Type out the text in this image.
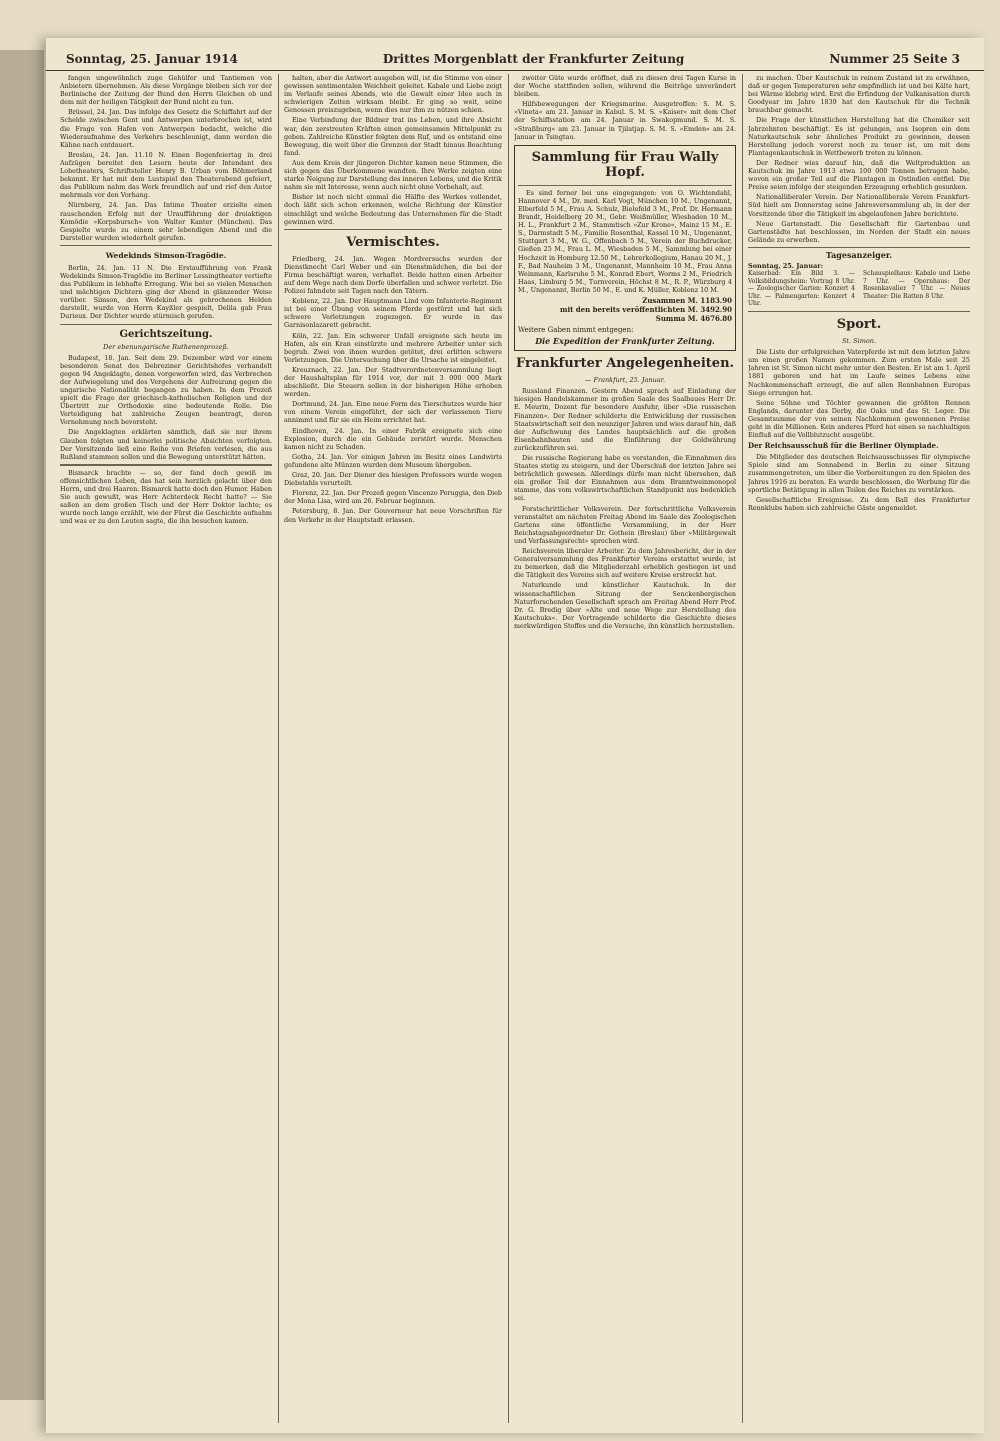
Sonntag, 25. Januar 1914	Drittes Morgenblatt der Frankfurter Zeitung	Nummer 25 Seite 3

fangen ungewöhnlich zuge Gehülfer und Tantiemen von Anbietern übernehmen. Als diese Vorgänge bleiben sich vor der Berlinische der Zeitung der Bund den Herrn Gleichen ob und dem mit der heiligen Tätigkeit der Bund nicht zu tun.

Brüssel, 24. Jan. Das infolge des Gesetz die Schiffahrt auf der Schelde zwischen Gent und Antwerpen unterbrochen ist, wird die Frage von Hafen von Antwerpen bedacht, welche die Wiederaufnahme des Verkehrs beschleunigt, dann werden die Kähne nach entdauert.

Breslau, 24. Jan. 11.10 N. Einen Bogenfeiertag in drei Aufzügen bereitet den Lesern heute der Intendant des Lobetheaters, Schriftsteller Henry B. Urban vom Böhmerland bekannt. Er hat mit dem Lustspiel den Theaterabend gefeiert, das Publikum nahm das Werk freundlich auf und rief den Autor mehrmals vor den Vorhang.

Nürnberg, 24. Jan. Das Intime Theater erzielte einen rauschenden Erfolg mit der Uraufführung der dreiaktigen Komödie »Korpsbursch« von Walter Kanter (München). Das Gespielte wurde zu einem sehr lebendigen Abend und die Darsteller wurden wiederholt gerufen.

Wedekinds Simson-Tragödie.

Berlin, 24. Jan. 11 N. Die Erstaufführung von Frank Wedekinds Simson-Tragödie im Berliner Lessingtheater vertiefte das Publikum in lebhafte Erregung. Wie bei so vielen Menschen und mächtigen Dichtern ging der Abend in glänzender Weise vorüber. Simson, den Wedekind als gebrochenen Helden darstellt, wurde von Herrn Kayßler gespielt, Delila gab Frau Durieux. Der Dichter wurde stürmisch gerufen.

Gerichtszeitung.
Der ebenungarische Ruthenenprozeß.

Budapest, 18. Jan. Seit dem 29. Dezember wird vor einem besonderen Senat des Debreziner Gerichtshofes verhandelt gegen 94 Angeklagte, denen vorgeworfen wird, das Verbrechen der Aufwiegelung und des Vergehens der Aufreizung gegen die ungarische Nationalität begangen zu haben. In dem Prozeß spielt die Frage der griechisch-katholischen Religion und der Übertritt zur Orthodoxie eine bedeutende Rolle. Die Verteidigung hat zahlreiche Zeugen beantragt, deren Vernehmung noch bevorsteht.

Die Angeklagten erklärten sämtlich, daß sie nur ihrem Glauben folgten und keinerlei politische Absichten verfolgten. Der Vorsitzende ließ eine Reihe von Briefen verlesen, die aus Rußland stammen sollen und die Bewegung unterstützt hätten.

Bismarck brachte — so, der fand doch gewiß im offensichtlichen Leben, das hat sein herzlich gelacht über den Herrn, und drei Haaren. Bismarck hatte doch den Humor. Haben Sie auch gewußt, was Herr Achterdeck Recht hatte? — Sie saßen an dem großen Tisch und der Herr Doktor lachte; es wurde noch lange erzählt, wie der Fürst die Geschichte aufnahm und was er zu den Leuten sagte, die ihn besuchen kamen.

halten, aber die Antwort ausgeben will, ist die Stimme von einer gewissen sentimentalen Weichheit geleitet. Kabale und Liebe zeigt im Verlaufe seines Abends, wie die Gewalt einer Idee auch in schwierigen Zeiten wirksam bleibt. Er ging so weit, seine Genossen preiszugeben, wenn dies nur ihm zu nützen schien.

Eine Verbindung der Bildner trat ins Leben, und ihre Absicht war, den zerstreuten Kräften einen gemeinsamen Mittelpunkt zu geben. Zahlreiche Künstler folgten dem Ruf, und es entstand eine Bewegung, die weit über die Grenzen der Stadt hinaus Beachtung fand.

Aus dem Kreis der jüngeren Dichter kamen neue Stimmen, die sich gegen das Überkommene wandten. Ihre Werke zeigten eine starke Neigung zur Darstellung des inneren Lebens, und die Kritik nahm sie mit Interesse, wenn auch nicht ohne Vorbehalt, auf.

Bisher ist noch nicht einmal die Hälfte des Werkes vollendet, doch läßt sich schon erkennen, welche Richtung der Künstler einschlägt und welche Bedeutung das Unternehmen für die Stadt gewinnen wird.

Vermischtes.

Friedberg, 24. Jan. Wegen Mordversuchs wurden der Dienstknecht Carl Weber und ein Dienstmädchen, die bei der Firma beschäftigt waren, verhaftet. Beide hatten einen Arbeiter auf dem Wege nach dem Dorfe überfallen und schwer verletzt. Die Polizei fahndete seit Tagen nach den Tätern.

Koblenz, 22. Jan. Der Hauptmann Lind vom Infanterie-Regiment ist bei einer Übung von seinem Pferde gestürzt und hat sich schwere Verletzungen zugezogen. Er wurde in das Garnisonlazarett gebracht.

Köln, 22. Jan. Ein schwerer Unfall ereignete sich heute im Hafen, als ein Kran einstürzte und mehrere Arbeiter unter sich begrub. Zwei von ihnen wurden getötet, drei erlitten schwere Verletzungen. Die Untersuchung über die Ursache ist eingeleitet.

Kreuznach, 22. Jan. Der Stadtverordnetenversammlung liegt der Haushaltsplan für 1914 vor, der mit 3 000 000 Mark abschließt. Die Steuern sollen in der bisherigen Höhe erhoben werden.

Dortmund, 24. Jan. Eine neue Form des Tierschutzes wurde hier von einem Verein eingeführt, der sich der verlassenen Tiere annimmt und für sie ein Heim errichtet hat.

Eindhoven, 24. Jan. In einer Fabrik ereignete sich eine Explosion, durch die ein Gebäude zerstört wurde. Menschen kamen nicht zu Schaden.

Gotha, 24. Jan. Vor einigen Jahren im Besitz eines Landwirts gefundene alte Münzen wurden dem Museum übergeben.

Graz, 20. Jan. Der Diener des hiesigen Professors wurde wegen Diebstahls verurteilt.

Florenz, 22. Jan. Der Prozeß gegen Vincenzo Peruggia, den Dieb der Mona Lisa, wird am 26. Februar beginnen.

Petersburg, 8. Jan. Der Gouverneur hat neue Vorschriften für den Verkehr in der Hauptstadt erlassen.

zweiter Güte wurde eröffnet, daß zu diesen drei Tagen Kurse in der Woche stattfinden sollen, während die Beiträge unverändert bleiben.

Hilfsbewegungen der Kriegsmarine. Ausgetroffen: S. M. S. »Vineta« am 23. Januar in Kabul. S. M. S. »Kaiser« mit dem Chef der Schiffsstation am 24. Januar in Swakopmund. S. M. S. »Straßburg« am 23. Januar in Tjilatjap. S. M. S. »Emden« am 24. Januar in Tsingtau.

Sammlung für Frau Wally Hopf.

Es sind ferner bei uns eingegangen: von O. Wichtendahl, Hannover 4 M., Dr. med. Karl Vogt, München 10 M., Ungenannt, Elberfeld 5 M., Frau A. Schulz, Bielefeld 3 M., Prof. Dr. Hermann Brandt, Heidelberg 20 M., Gebr. Weißmüller, Wiesbaden 10 M., H. L., Frankfurt 2 M., Stammtisch »Zur Krone«, Mainz 15 M., E. S., Darmstadt 5 M., Familie Rosenthal, Kassel 10 M., Ungenannt, Stuttgart 3 M., W. G., Offenbach 5 M., Verein der Buchdrucker, Gießen 25 M., Frau L. M., Wiesbaden 5 M., Sammlung bei einer Hochzeit in Homburg 12.50 M., Lehrerkollegium, Hanau 20 M., J. F., Bad Nauheim 3 M., Ungenannt, Mannheim 10 M., Frau Anna Weinmann, Karlsruhe 5 M., Konrad Ebert, Worms 2 M., Friedrich Haas, Limburg 5 M., Turnverein, Höchst 8 M., R. P., Würzburg 4 M., Ungenannt, Berlin 50 M., E. und K. Müller, Koblenz 10 M.

Zusammen M. 1183.90
mit den bereits veröffentlichten M. 3492.90
Summa M. 4676.80
Weitere Gaben nimmt entgegen:
Die Expedition der Frankfurter Zeitung.
Frankfurter Angelegenheiten.
— Frankfurt, 25. Januar.

Russland Finanzen. Gestern Abend sprach auf Einladung der hiesigen Handelskammer im großen Saale des Saalbaues Herr Dr. E. Meurin, Dozent für besondere Ausfuhr, über »Die russischen Finanzen«. Der Redner schilderte die Entwicklung der russischen Staatswirtschaft seit den neunziger Jahren und wies darauf hin, daß der Aufschwung des Landes hauptsächlich auf die großen Eisenbahnbauten und die Einführung der Goldwährung zurückzuführen sei.

Die russische Regierung habe es verstanden, die Einnahmen des Staates stetig zu steigern, und der Überschuß der letzten Jahre sei beträchtlich gewesen. Allerdings dürfe man nicht übersehen, daß ein großer Teil der Einnahmen aus dem Branntweinmonopol stamme, das vom volkswirtschaftlichen Standpunkt aus bedenklich sei.

Forstschrittlicher Volksverein. Der fortschrittliche Volksverein veranstaltet am nächsten Freitag Abend im Saale des Zoologischen Gartens eine öffentliche Versammlung, in der Herr Reichstagsabgeordneter Dr. Gothein (Breslau) über »Militärgewalt und Verfassungsrecht« sprechen wird.

Reichsverein liberaler Arbeiter. Zu dem Jahresbericht, der in der Generalversammlung des Frankfurter Vereins erstattet wurde, ist zu bemerken, daß die Mitgliederzahl erheblich gestiegen ist und die Tätigkeit des Vereins sich auf weitere Kreise erstreckt hat.

Naturkunde und künstlicher Kautschuk. In der wissenschaftlichen Sitzung der Senckenbergischen Naturforschenden Gesellschaft sprach am Freitag Abend Herr Prof. Dr. G. Bredig über »Alte und neue Wege zur Herstellung des Kautschuks«. Der Vortragende schilderte die Geschichte dieses merkwürdigen Stoffes und die Versuche, ihn künstlich herzustellen.

zu machen. Über Kautschuk in reinem Zustand ist zu erwähnen, daß er gegen Temperaturen sehr empfindlich ist und bei Kälte hart, bei Wärme klebrig wird. Erst die Erfindung der Vulkanisation durch Goodyear im Jahre 1839 hat den Kautschuk für die Technik brauchbar gemacht.

Die Frage der künstlichen Herstellung hat die Chemiker seit Jahrzehnten beschäftigt. Es ist gelungen, aus Isopren ein dem Naturkautschuk sehr ähnliches Produkt zu gewinnen, dessen Herstellung jedoch vorerst noch zu teuer ist, um mit dem Plantagenkautschuk in Wettbewerb treten zu können.

Der Redner wies darauf hin, daß die Weltproduktion an Kautschuk im Jahre 1913 etwa 100 000 Tonnen betragen habe, wovon ein großer Teil auf die Plantagen in Ostindien entfiel. Die Preise seien infolge der steigenden Erzeugung erheblich gesunken.

Nationalliberaler Verein. Der Nationalliberale Verein Frankfurt-Süd hielt am Donnerstag seine Jahresversammlung ab, in der der Vorsitzende über die Tätigkeit im abgelaufenen Jahre berichtete.

Neue Gartenstadt. Die Gesellschaft für Gartenbau und Gartenstädte hat beschlossen, im Norden der Stadt ein neues Gelände zu erwerben.

Tagesanzeiger.
Sonntag, 25. Januar:
Kaiserbad: Ein Bild 3. — Volksbildungsheim: Vortrag 8 Uhr. — Zoologischer Garten: Konzert 4 Uhr. — Palmengarten: Konzert 4 Uhr.
Schauspielhaus: Kabale und Liebe 7 Uhr. — Opernhaus: Der Rosenkavalier 7 Uhr. — Neues Theater: Die Ratten 8 Uhr.
Sport.
St. Simon.

Die Liste der erfolgreichen Vaterpferde ist mit dem letzten Jahre um einen großen Namen gekommen. Zum ersten Male seit 25 Jahren ist St. Simon nicht mehr unter den Besten. Er ist am 1. April 1881 geboren und hat im Laufe seines Lebens eine Nachkommenschaft erzeugt, die auf allen Rennbahnen Europas Siege errungen hat.

Seine Söhne und Töchter gewannen die größten Rennen Englands, darunter das Derby, die Oaks und das St. Leger. Die Gesamtsumme der von seinen Nachkommen gewonnenen Preise geht in die Millionen. Kein anderes Pferd hat einen so nachhaltigen Einfluß auf die Vollblutzucht ausgeübt.

Der Reichsausschuß für die Berliner Olympiade.

Die Mitglieder des deutschen Reichsausschusses für olympische Spiele sind am Sonnabend in Berlin zu einer Sitzung zusammengetreten, um über die Vorbereitungen zu den Spielen des Jahres 1916 zu beraten. Es wurde beschlossen, die Werbung für die sportliche Betätigung in allen Teilen des Reiches zu verstärken.

Gesellschaftliche Ereignisse. Zu dem Ball des Frankfurter Rennklubs haben sich zahlreiche Gäste angemeldet.
